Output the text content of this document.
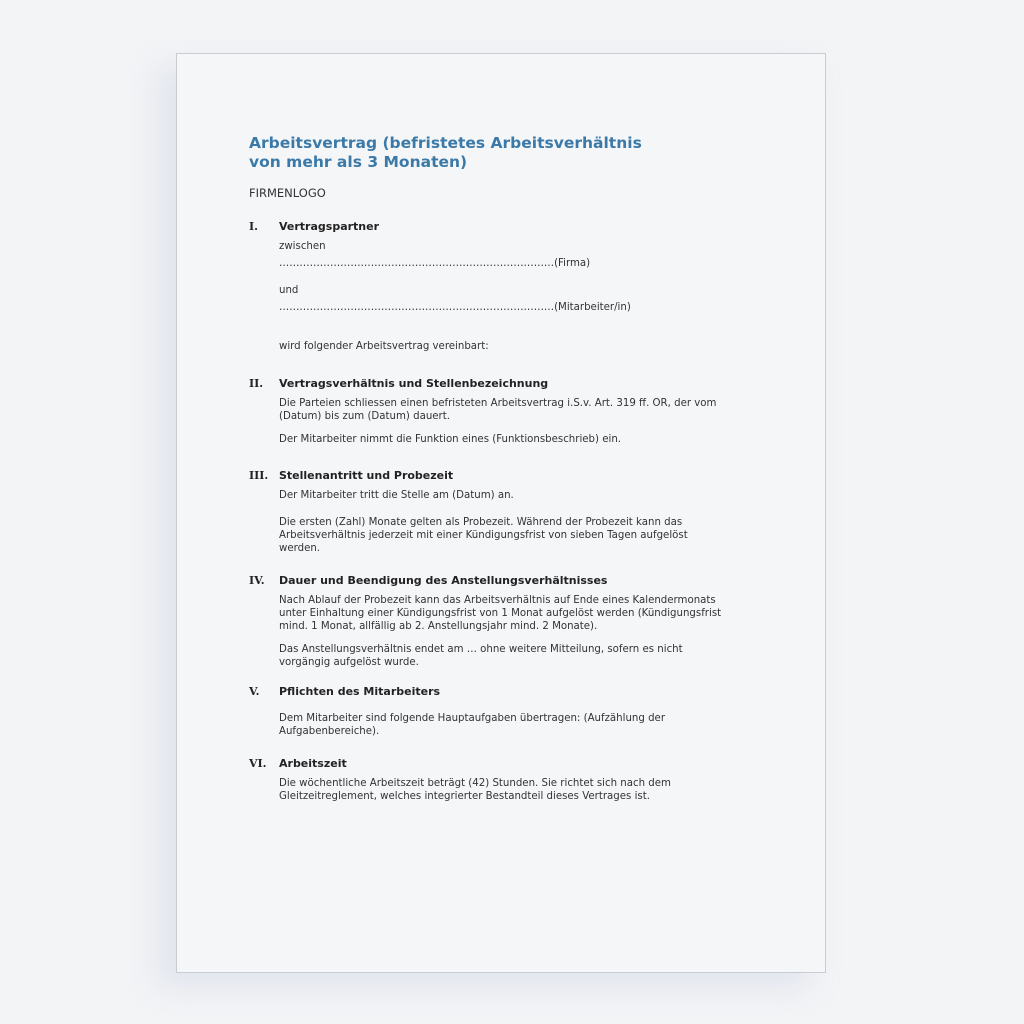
Arbeitsvertrag (befristetes Arbeitsverhältnis
von mehr als 3 Monaten)
FIRMENLOGO
I. Vertragspartner

zwischen

………………………………………………………………………(Firma)

und

………………………………………………………………………(Mitarbeiter/in)

wird folgender Arbeitsvertrag vereinbart:

II. Vertragsverhältnis und Stellenbezeichnung

Die Parteien schliessen einen befristeten Arbeitsvertrag i.S.v. Art. 319 ff. OR, der vom
(Datum) bis zum (Datum) dauert.

Der Mitarbeiter nimmt die Funktion eines (Funktionsbeschrieb) ein.

III. Stellenantritt und Probezeit

Der Mitarbeiter tritt die Stelle am (Datum) an.

Die ersten (Zahl) Monate gelten als Probezeit. Während der Probezeit kann das
Arbeitsverhältnis jederzeit mit einer Kündigungsfrist von sieben Tagen aufgelöst
werden.

IV. Dauer und Beendigung des Anstellungsverhältnisses

Nach Ablauf der Probezeit kann das Arbeitsverhältnis auf Ende eines Kalendermonats
unter Einhaltung einer Kündigungsfrist von 1 Monat aufgelöst werden (Kündigungsfrist
mind. 1 Monat, allfällig ab 2. Anstellungsjahr mind. 2 Monate).

Das Anstellungsverhältnis endet am … ohne weitere Mitteilung, sofern es nicht
vorgängig aufgelöst wurde.

V. Pflichten des Mitarbeiters

Dem Mitarbeiter sind folgende Hauptaufgaben übertragen: (Aufzählung der
Aufgabenbereiche).

VI. Arbeitszeit

Die wöchentliche Arbeitszeit beträgt (42) Stunden. Sie richtet sich nach dem
Gleitzeitreglement, welches integrierter Bestandteil dieses Vertrages ist.
